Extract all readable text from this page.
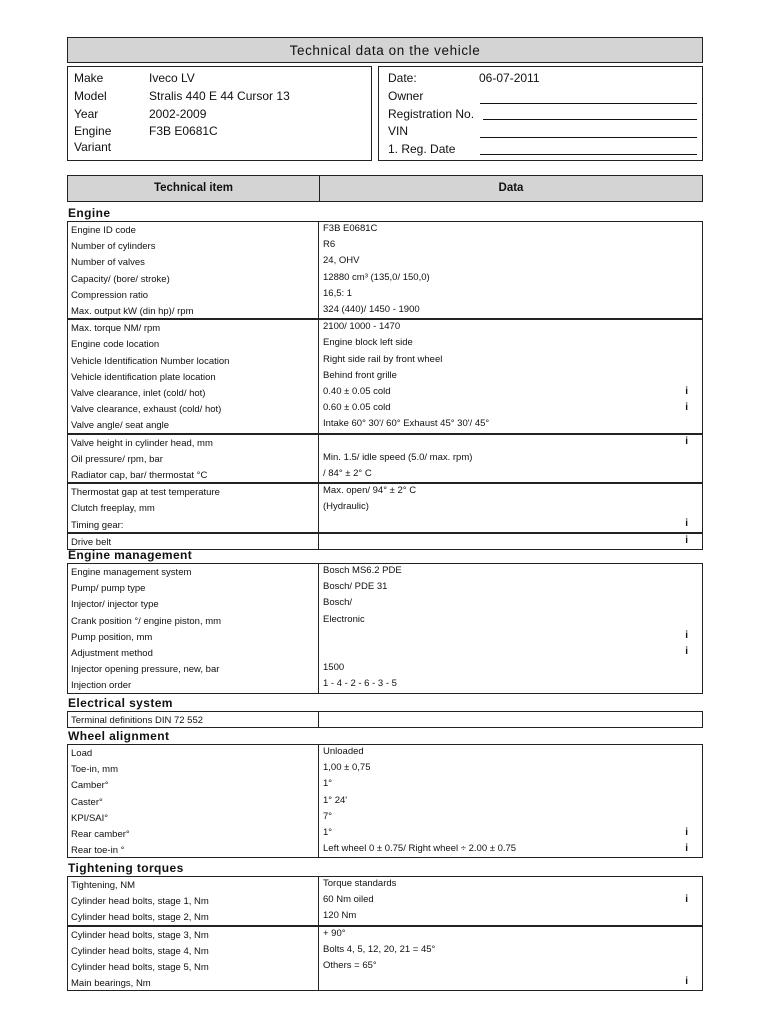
Technical data on the vehicle
Make	Iveco LV
Model	Stralis 440 E 44 Cursor 13
Year	2002-2009
Engine	F3B E0681C
Variant
Date:	06-07-2011
Owner
Registration No.
VIN
1. Reg. Date
Technical item	Data
Engine
Engine ID code	F3B E0681C
Number of cylinders	R6
Number of valves	24, OHV
Capacity/ (bore/ stroke)	12880 cm³ (135,0/ 150,0)
Compression ratio	16,5: 1
Max. output kW (din hp)/ rpm	324 (440)/ 1450 - 1900
Max. torque NM/ rpm	2100/ 1000 - 1470
Engine code location	Engine block left side
Vehicle Identification Number location	Right side rail by front wheel
Vehicle identification plate location	Behind front grille
Valve clearance, inlet (cold/ hot)	0.40 ± 0.05 cold	i
Valve clearance, exhaust (cold/ hot)	0.60 ± 0.05 cold	i
Valve angle/ seat angle	Intake 60° 30'/ 60° Exhaust 45° 30'/ 45°
Valve height in cylinder head, mm	i
Oil pressure/ rpm, bar	Min. 1.5/ idle speed (5.0/ max. rpm)
Radiator cap, bar/ thermostat °C	/ 84° ± 2° C
Thermostat gap at test temperature	Max. open/ 94° ± 2° C
Clutch freeplay, mm	(Hydraulic)
Timing gear:	i
Drive belt	i
Engine management
Engine management system	Bosch MS6.2 PDE
Pump/ pump type	Bosch/ PDE 31
Injector/ injector type	Bosch/
Crank position °/ engine piston, mm	Electronic
Pump position, mm	i
Adjustment method	i
Injector opening pressure, new, bar	1500
Injection order	1 - 4 - 2 - 6 - 3 - 5
Electrical system
Terminal definitions DIN 72 552
Wheel alignment
Load	Unloaded
Toe-in, mm	1,00 ± 0,75
Camber°	1°
Caster°	1° 24'
KPI/SAI°	7°
Rear camber°	1°	i
Rear toe-in °	Left wheel 0 ± 0.75/ Right wheel ÷ 2.00 ± 0.75	i
Tightening torques
Tightening, NM	Torque standards
Cylinder head bolts, stage 1, Nm	60 Nm oiled	i
Cylinder head bolts, stage 2, Nm	120 Nm
Cylinder head bolts, stage 3, Nm	+ 90°
Cylinder head bolts, stage 4, Nm	Bolts 4, 5, 12, 20, 21 = 45°
Cylinder head bolts, stage 5, Nm	Others = 65°
Main bearings, Nm	i
